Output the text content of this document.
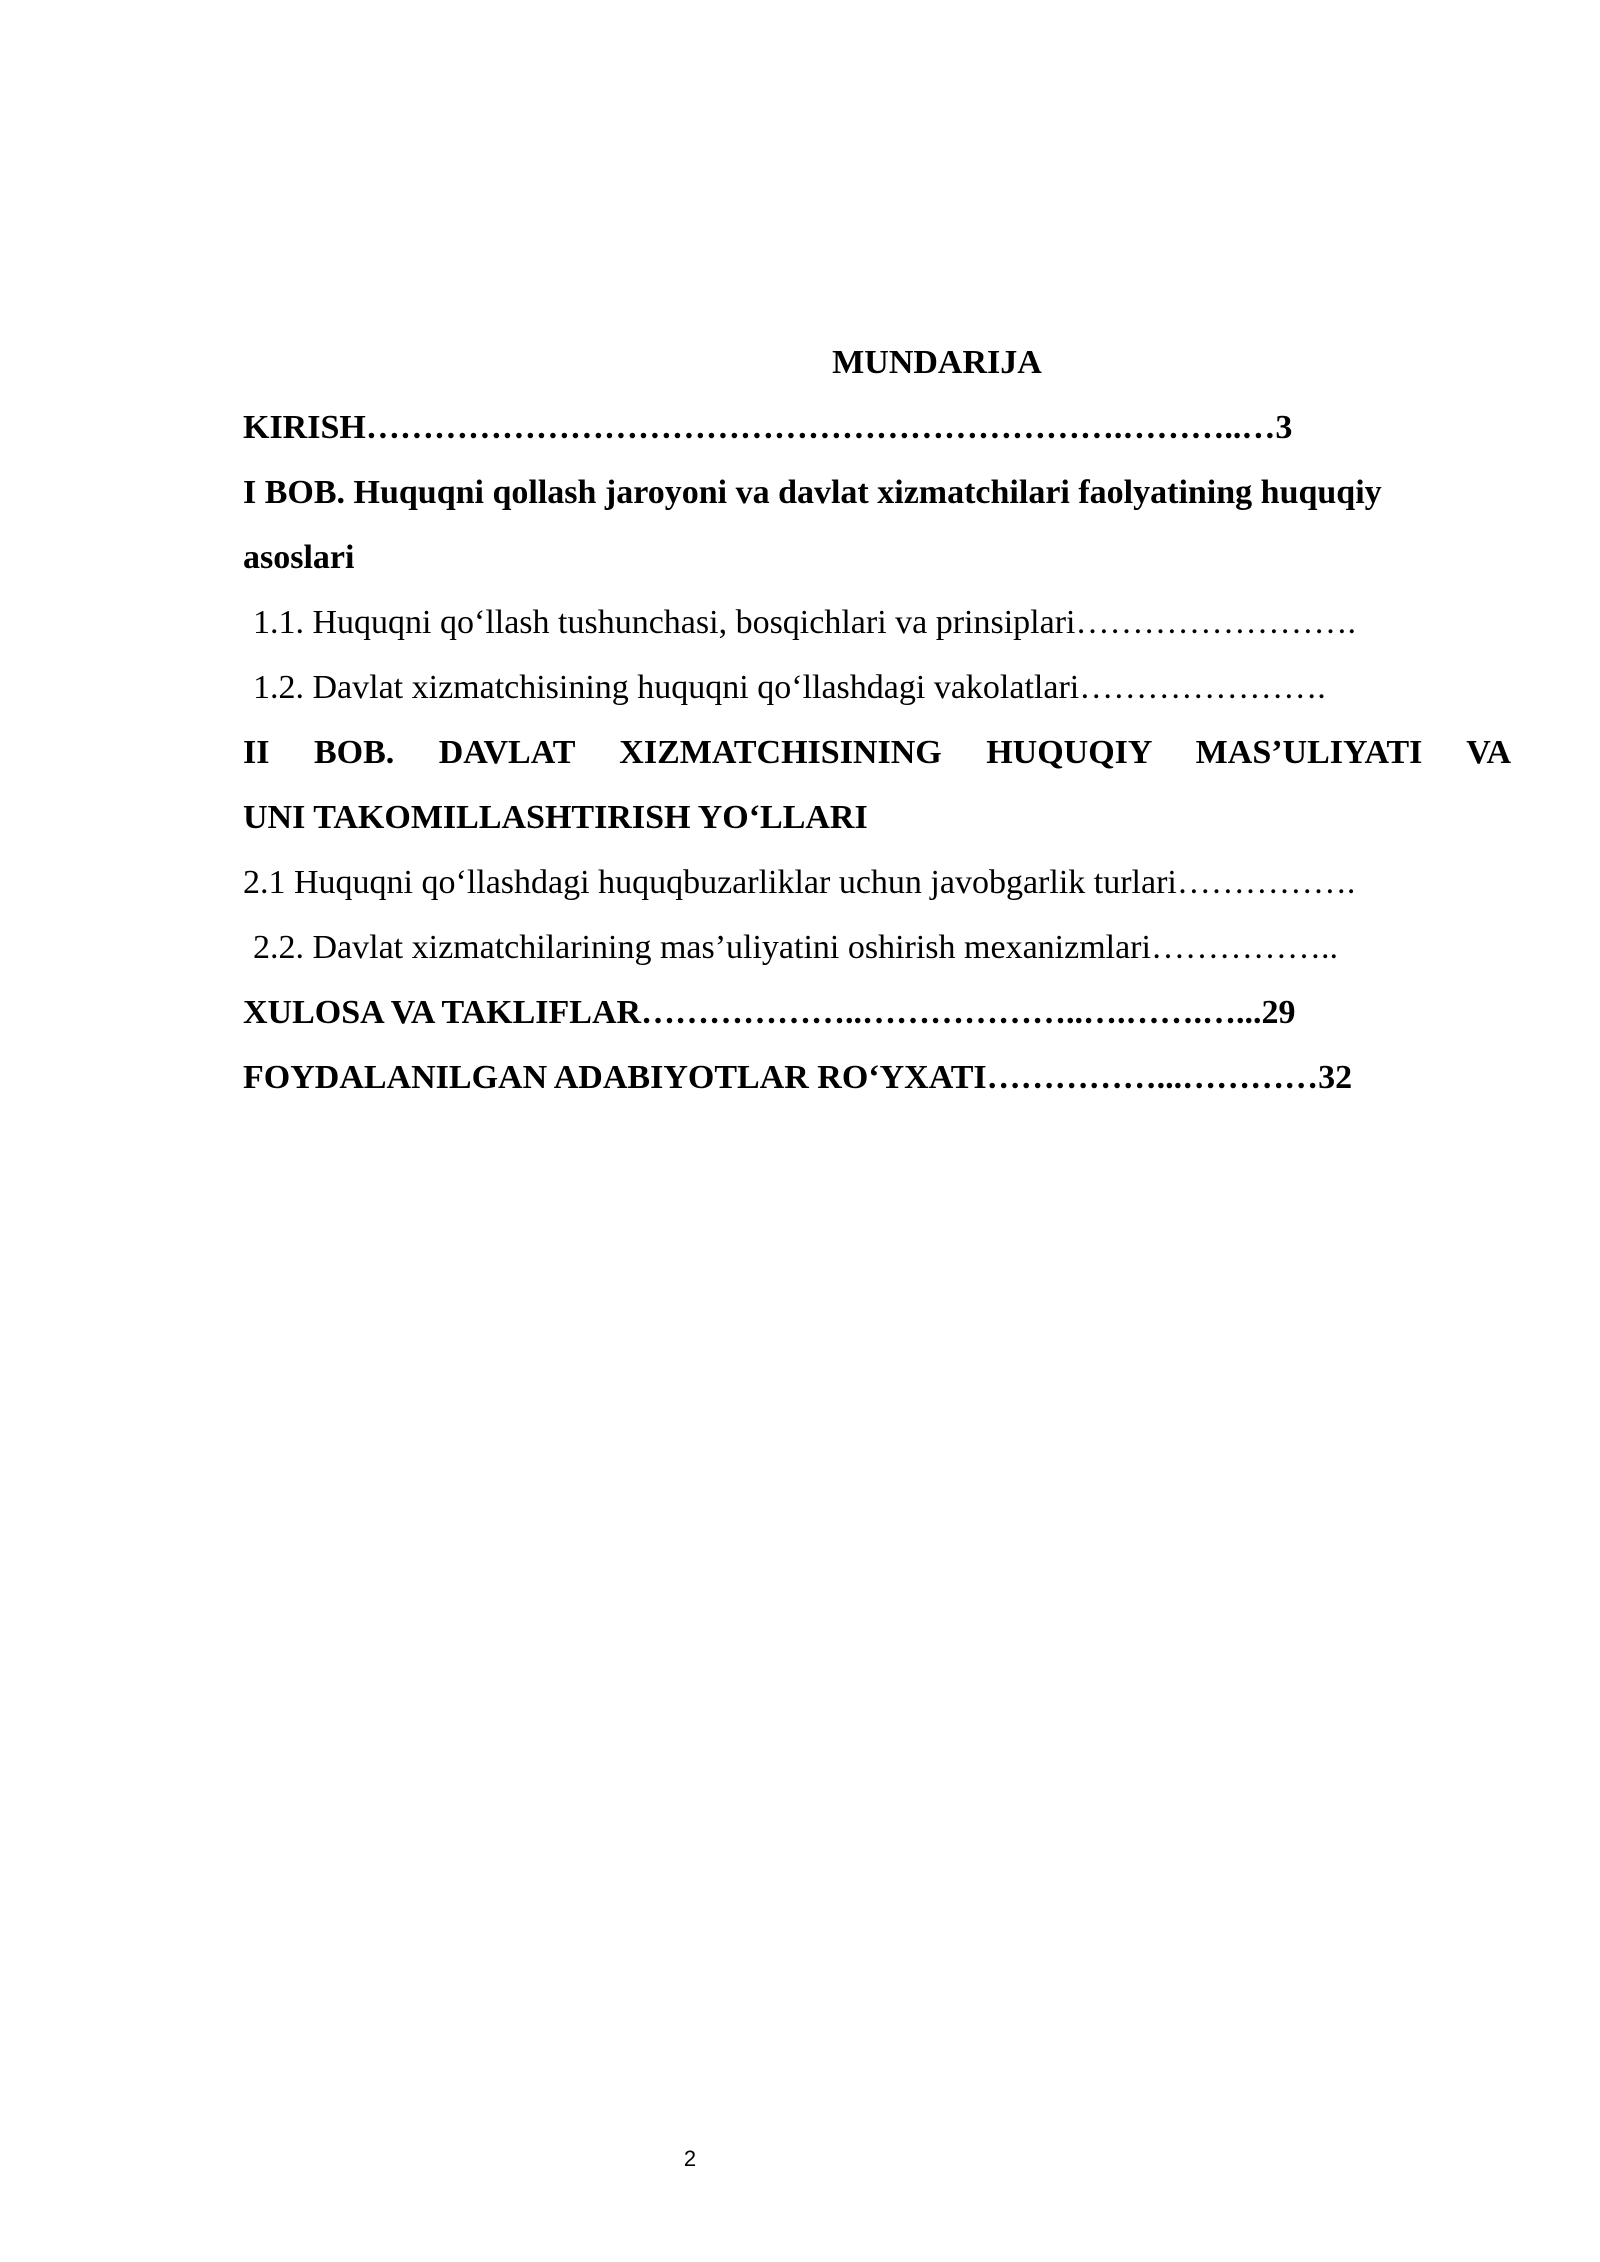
MUNDARIJA
KIRISH………………………………………………………….………..…3
I BOB. Huquqni qollash jaroyoni va davlat xizmatchilari faolyatining huquqiy
asoslari
1.1. Huquqni qo‘llash tushunchasi, bosqichlari va prinsiplari…………………….
1.2. Davlat xizmatchisining huquqni qo‘llashdagi vakolatlari………………….
II BOB. DAVLAT XIZMATCHISINING HUQUQIY MAS’ULIYATI VA
UNI TAKOMILLASHTIRISH YO‘LLARI
2.1 Huquqni qo‘llashdagi huquqbuzarliklar uchun javobgarlik turlari…………….
2.2. Davlat xizmatchilarining mas’uliyatini oshirish mexanizmlari……………..
XULOSA VA TAKLIFLAR………………..………………..….…….…...29
FOYDALANILGAN ADABIYOTLAR RO‘YXATI……………...…………32
2
